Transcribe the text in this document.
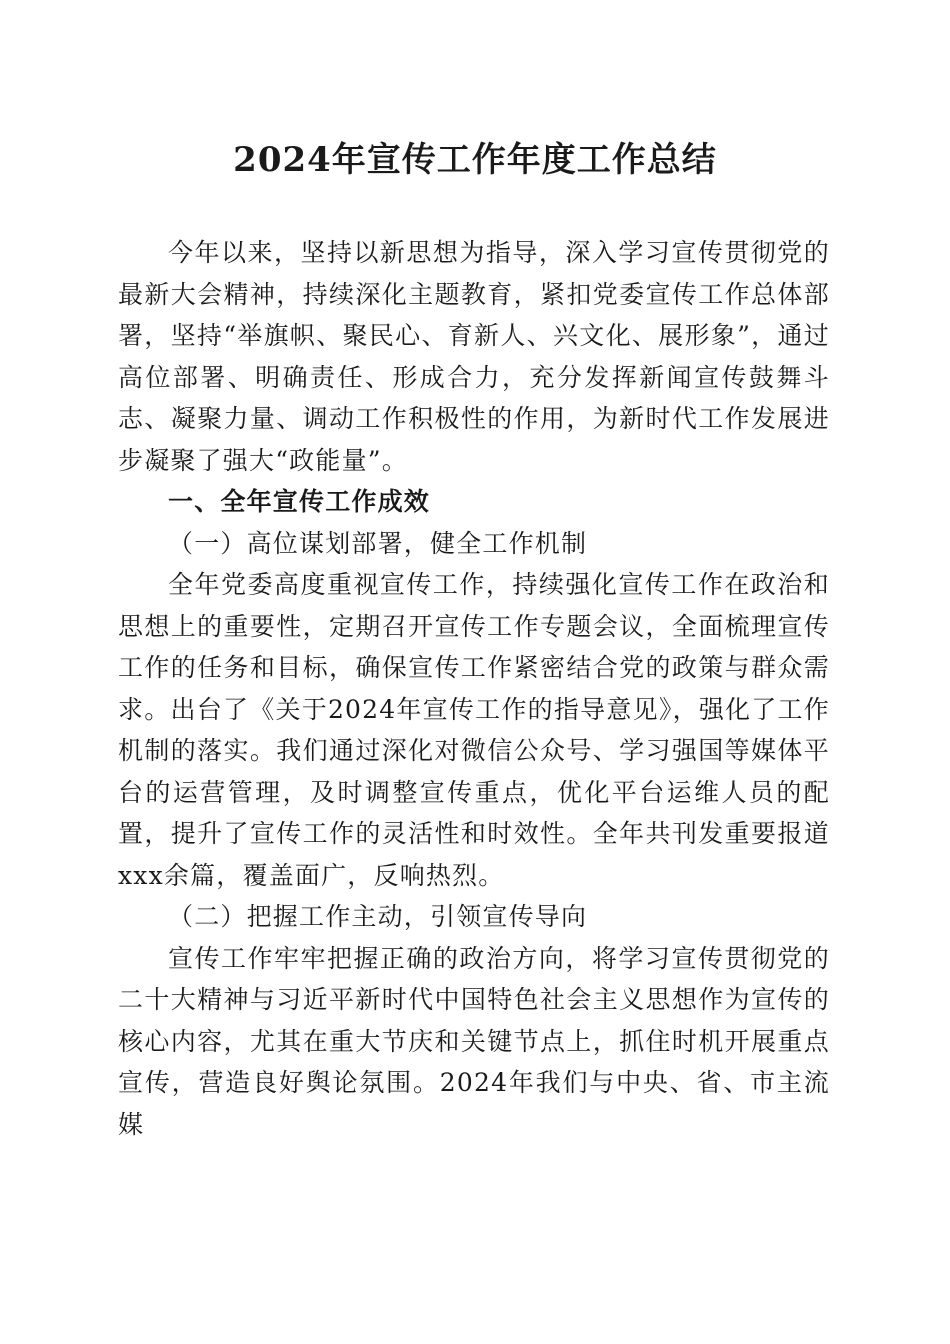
2024年宣传工作年度工作总结

今年以来，坚持以新思想为指导，深入学习宣传贯彻党的最新大会精神，持续深化主题教育，紧扣党委宣传工作总体部署，坚持“举旗帜、聚民心、育新人、兴文化、展形象”，通过高位部署、明确责任、形成合力，充分发挥新闻宣传鼓舞斗志、凝聚力量、调动工作积极性的作用，为新时代工作发展进步凝聚了强大“政能量”。

一、全年宣传工作成效

（一）高位谋划部署，健全工作机制

全年党委高度重视宣传工作，持续强化宣传工作在政治和思想上的重要性，定期召开宣传工作专题会议，全面梳理宣传工作的任务和目标，确保宣传工作紧密结合党的政策与群众需求。出台了《关于2024年宣传工作的指导意见》，强化了工作机制的落实。我们通过深化对微信公众号、学习强国等媒体平台的运营管理，及时调整宣传重点，优化平台运维人员的配置，提升了宣传工作的灵活性和时效性。全年共刊发重要报道xxx余篇，覆盖面广，反响热烈。

（二）把握工作主动，引领宣传导向

宣传工作牢牢把握正确的政治方向，将学习宣传贯彻党的二十大精神与习近平新时代中国特色社会主义思想作为宣传的核心内容，尤其在重大节庆和关键节点上，抓住时机开展重点宣传，营造良好舆论氛围。2024年我们与中央、省、市主流媒
